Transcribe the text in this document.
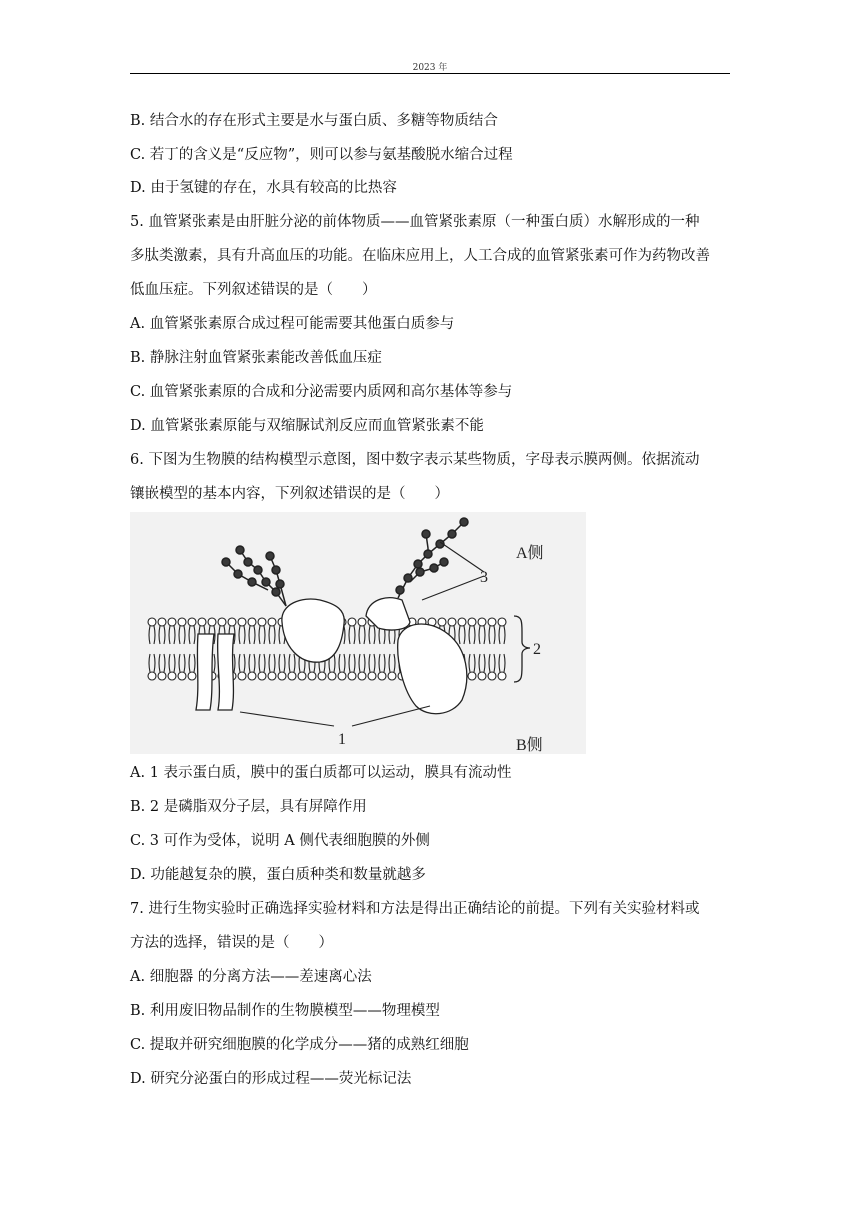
2023 年
B. 结合水的存在形式主要是水与蛋白质、多糖等物质结合
C. 若丁的含义是“反应物”，则可以参与氨基酸脱水缩合过程
D. 由于氢键的存在，水具有较高的比热容
5. 血管紧张素是由肝脏分泌的前体物质——血管紧张素原（一种蛋白质）水解形成的一种
多肽类激素，具有升高血压的功能。在临床应用上，人工合成的血管紧张素可作为药物改善
低血压症。下列叙述错误的是（　　）
A. 血管紧张素原合成过程可能需要其他蛋白质参与
B. 静脉注射血管紧张素能改善低血压症
C. 血管紧张素原的合成和分泌需要内质网和高尔基体等参与
D. 血管紧张素原能与双缩脲试剂反应而血管紧张素不能
6. 下图为生物膜的结构模型示意图，图中数字表示某些物质，字母表示膜两侧。依据流动
镶嵌模型的基本内容，下列叙述错误的是（　　）
A侧
B侧
3
2
1
A. 1 表示蛋白质，膜中的蛋白质都可以运动，膜具有流动性
B. 2 是磷脂双分子层，具有屏障作用
C. 3 可作为受体，说明 A 侧代表细胞膜的外侧
D. 功能越复杂的膜，蛋白质种类和数量就越多
7. 进行生物实验时正确选择实验材料和方法是得出正确结论的前提。下列有关实验材料或
方法的选择，错误的是（　　）
A. 细胞器 的分离方法——差速离心法
B. 利用废旧物品制作的生物膜模型——物理模型
C. 提取并研究细胞膜的化学成分——猪的成熟红细胞
D. 研究分泌蛋白的形成过程——荧光标记法
